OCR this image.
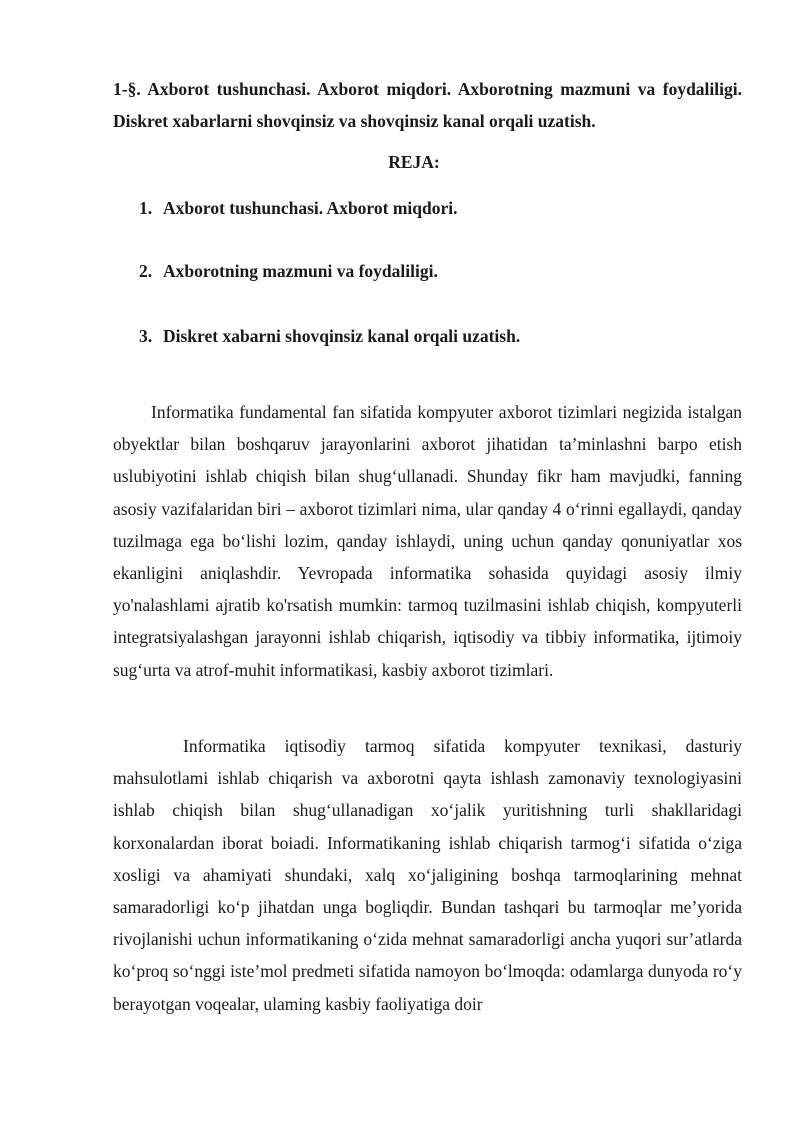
1-§. Axborot tushunchasi. Axborot miqdori. Axborotning mazmuni va foydaliligi. Diskret xabarlarni shovqinsiz va shovqinsiz kanal orqali uzatish.
REJA:
1. Axborot tushunchasi. Axborot miqdori.
2. Axborotning mazmuni va foydaliligi.
3. Diskret xabarni shovqinsiz kanal orqali uzatish.

Informatika fundamental fan sifatida kompyuter axborot tizimlari negizida istalgan obyektlar bilan boshqaruv jarayonlarini axborot jihatidan ta’minlashni barpo etish uslubiyotini ishlab chiqish bilan shug‘ullanadi. Shunday fikr ham mavjudki, fanning asosiy vazifalaridan biri – axborot tizimlari nima, ular qanday 4 o‘rinni egallaydi, qanday tuzilmaga ega bo‘lishi lozim, qanday ishlaydi, uning uchun qanday qonuniyatlar xos ekanligini aniqlashdir. Yevropada informatika sohasida quyidagi asosiy ilmiy yo'nalashlami ajratib ko'rsatish mumkin: tarmoq tuzilmasini ishlab chiqish, kompyuterli integratsiyalashgan jarayonni ishlab chiqarish, iqtisodiy va tibbiy informatika, ijtimoiy sug‘urta va atrof-muhit informatikasi, kasbiy axborot tizimlari.

Informatika iqtisodiy tarmoq sifatida kompyuter texnikasi, dasturiy mahsulotlami ishlab chiqarish va axborotni qayta ishlash zamonaviy texnologiyasini ishlab chiqish bilan shug‘ullanadigan xo‘jalik yuritishning turli shakllaridagi korxonalardan iborat boiadi. Informatikaning ishlab chiqarish tarmog‘i sifatida o‘ziga xosligi va ahamiyati shundaki, xalq xo‘jaligining boshqa tarmoqlarining mehnat samaradorligi ko‘p jihatdan unga bogliqdir. Bundan tashqari bu tarmoqlar me’yorida rivojlanishi uchun informatikaning o‘zida mehnat samaradorligi ancha yuqori sur’atlarda ko‘proq so‘nggi iste’mol predmeti sifatida namoyon bo‘lmoqda: odamlarga dunyoda ro‘y berayotgan voqealar, ulaming kasbiy faoliyatiga doir
